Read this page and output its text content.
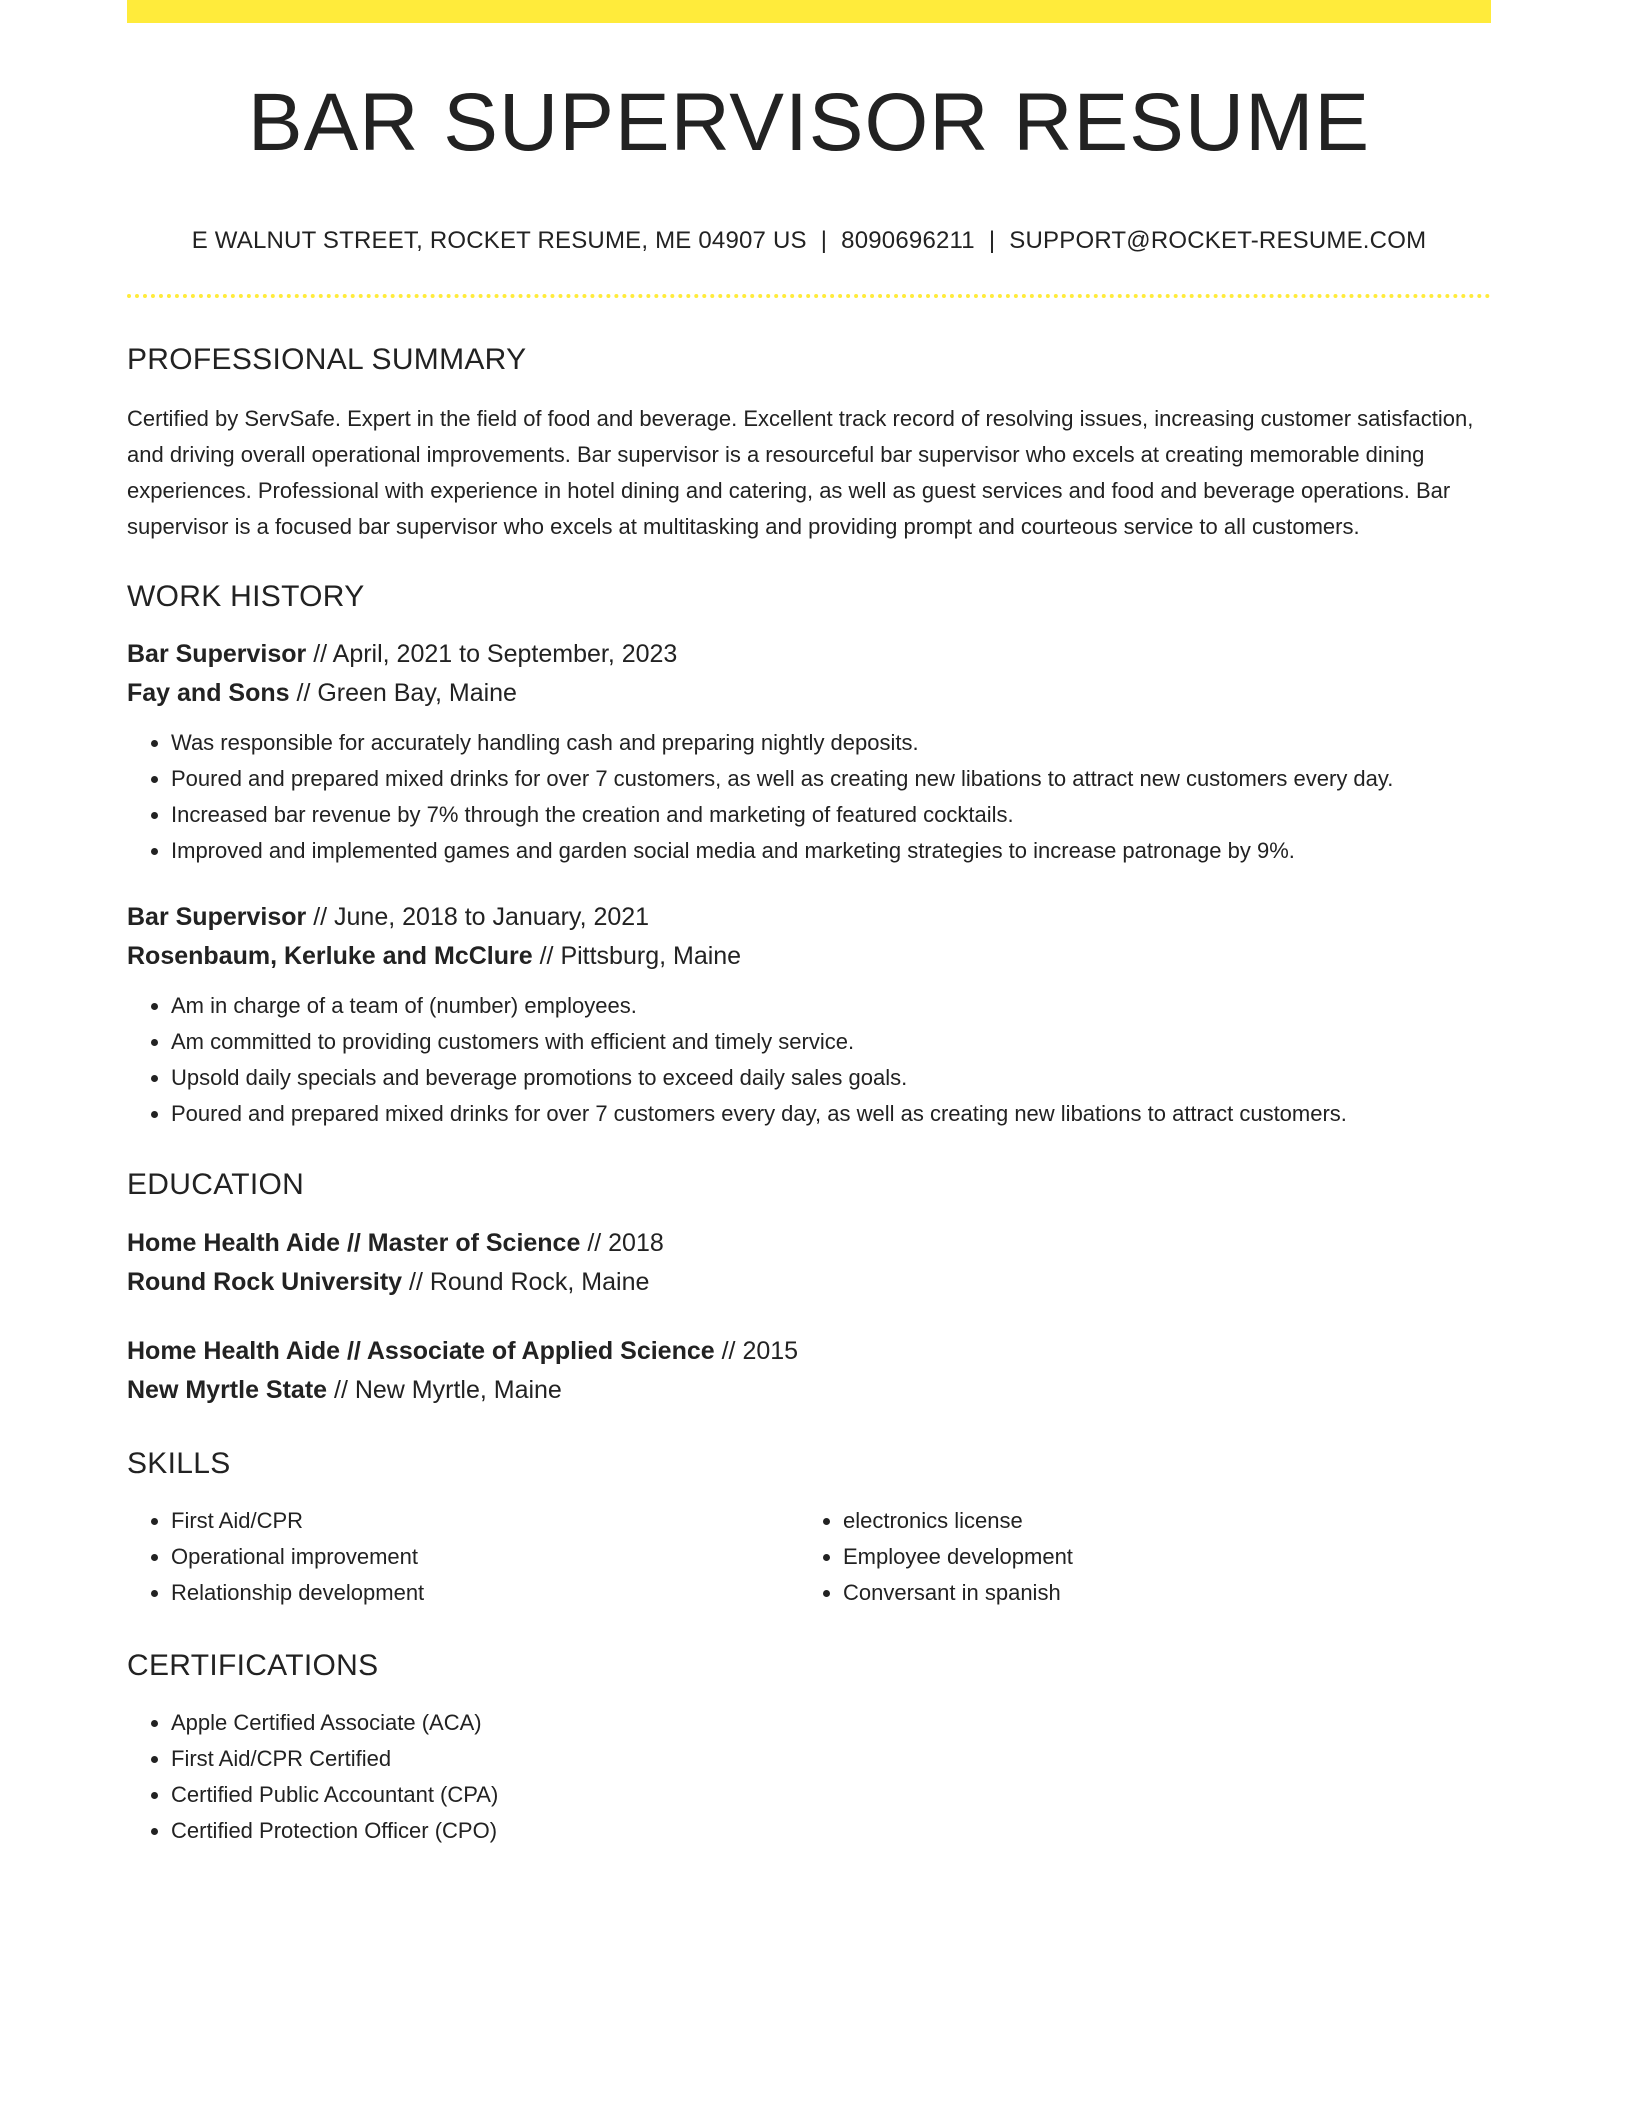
BAR SUPERVISOR RESUME
E WALNUT STREET, ROCKET RESUME, ME 04907 US | 8090696211 | SUPPORT@ROCKET-RESUME.COM
PROFESSIONAL SUMMARY
Certified by ServSafe. Expert in the field of food and beverage. Excellent track record of resolving issues, increasing customer satisfaction, and driving overall operational improvements. Bar supervisor is a resourceful bar supervisor who excels at creating memorable dining experiences. Professional with experience in hotel dining and catering, as well as guest services and food and beverage operations. Bar supervisor is a focused bar supervisor who excels at multitasking and providing prompt and courteous service to all customers.
WORK HISTORY
Bar Supervisor // April, 2021 to September, 2023
Fay and Sons // Green Bay, Maine
• Was responsible for accurately handling cash and preparing nightly deposits.
• Poured and prepared mixed drinks for over 7 customers, as well as creating new libations to attract new customers every day.
• Increased bar revenue by 7% through the creation and marketing of featured cocktails.
• Improved and implemented games and garden social media and marketing strategies to increase patronage by 9%.
Bar Supervisor // June, 2018 to January, 2021
Rosenbaum, Kerluke and McClure // Pittsburg, Maine
• Am in charge of a team of (number) employees.
• Am committed to providing customers with efficient and timely service.
• Upsold daily specials and beverage promotions to exceed daily sales goals.
• Poured and prepared mixed drinks for over 7 customers every day, as well as creating new libations to attract customers.
EDUCATION
Home Health Aide // Master of Science // 2018
Round Rock University // Round Rock, Maine
Home Health Aide // Associate of Applied Science // 2015
New Myrtle State // New Myrtle, Maine
SKILLS
• First Aid/CPR
• Operational improvement
• Relationship development
• electronics license
• Employee development
• Conversant in spanish
CERTIFICATIONS
• Apple Certified Associate (ACA)
• First Aid/CPR Certified
• Certified Public Accountant (CPA)
• Certified Protection Officer (CPO)
